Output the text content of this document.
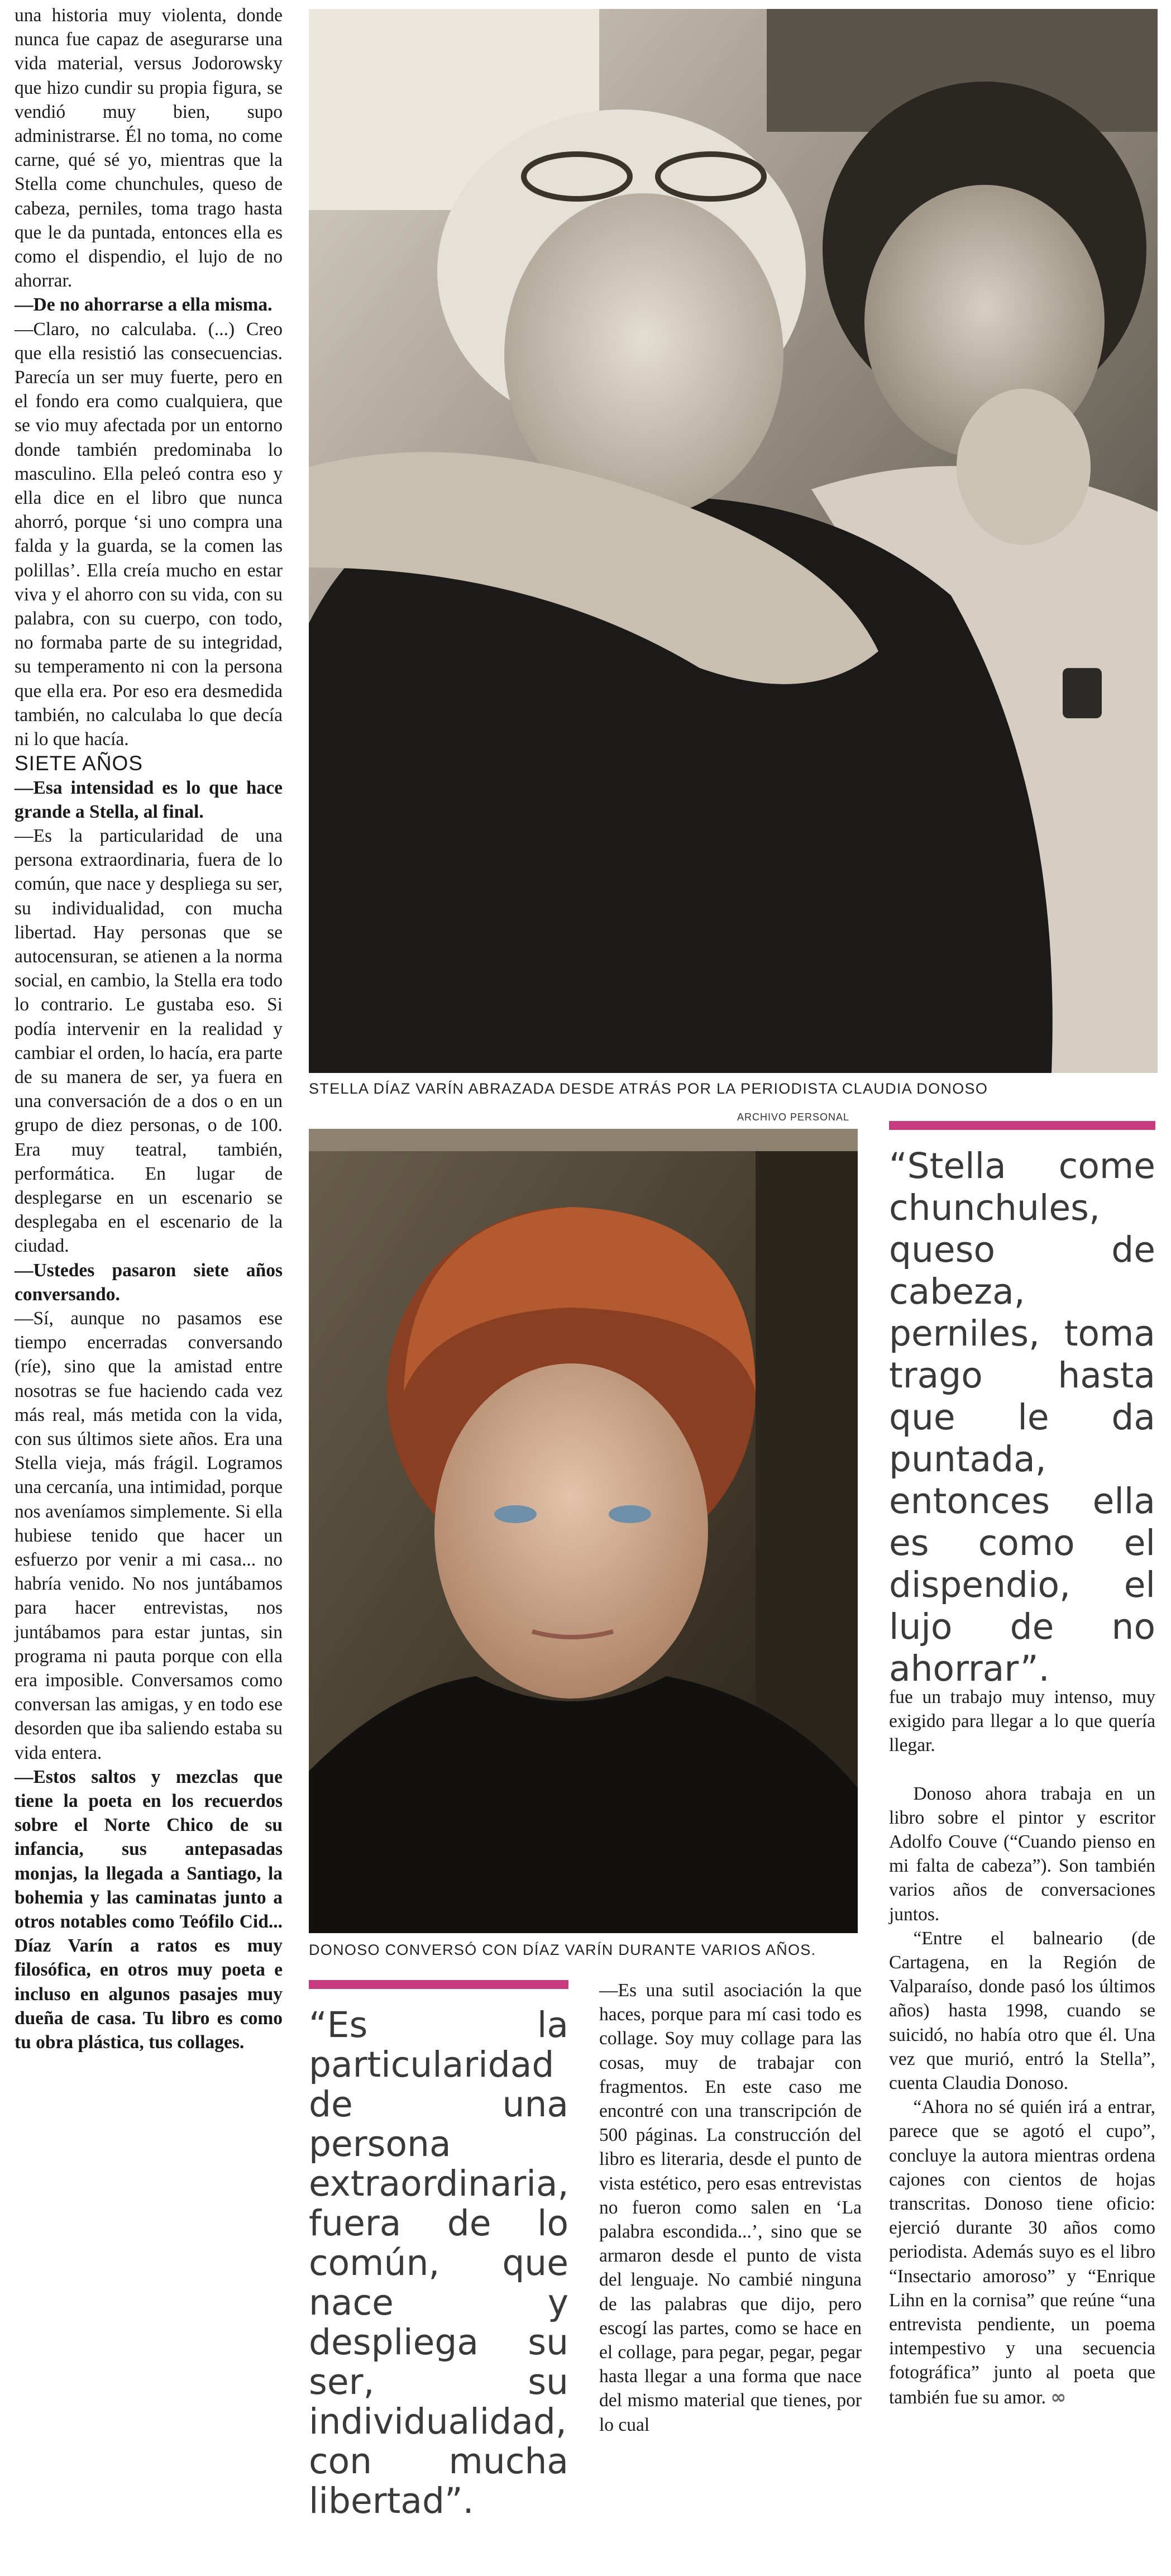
una historia muy violenta, donde nunca fue capaz de asegurarse una vida material, versus Jodorowsky que hizo cundir su propia figura, se vendió muy bien, supo administrarse. Él no toma, no come carne, qué sé yo, mientras que la Stella come chunchules, queso de cabeza, perniles, toma trago hasta que le da puntada, entonces ella es como el dispendio, el lujo de no ahorrar.

—De no ahorrarse a ella misma.

—Claro, no calculaba. (...) Creo que ella resistió las consecuencias. Parecía un ser muy fuerte, pero en el fondo era como cualquiera, que se vio muy afectada por un entorno donde también predominaba lo masculino. Ella peleó contra eso y ella dice en el libro que nunca ahorró, porque ‘si uno compra una falda y la guarda, se la comen las polillas’. Ella creía mucho en estar viva y el ahorro con su vida, con su palabra, con su cuerpo, con todo, no formaba parte de su integridad, su temperamento ni con la persona que ella era. Por eso era desmedida también, no calculaba lo que decía ni lo que hacía.

SIETE AÑOS

—Esa intensidad es lo que hace grande a Stella, al final.

—Es la particularidad de una persona extraordinaria, fuera de lo común, que nace y despliega su ser, su individualidad, con mucha libertad. Hay personas que se autocensuran, se atienen a la norma social, en cambio, la Stella era todo lo contrario. Le gustaba eso. Si podía intervenir en la realidad y cambiar el orden, lo hacía, era parte de su manera de ser, ya fuera en una conversación de a dos o en un grupo de diez personas, o de 100. Era muy teatral, también, performática. En lugar de desplegarse en un escenario se desplegaba en el escenario de la ciudad.

—Ustedes pasaron siete años conversando.

—Sí, aunque no pasamos ese tiempo encerradas conversando (ríe), sino que la amistad entre nosotras se fue haciendo cada vez más real, más metida con la vida, con sus últimos siete años. Era una Stella vieja, más frágil. Logramos una cercanía, una intimidad, porque nos aveníamos simplemente. Si ella hubiese tenido que hacer un esfuerzo por venir a mi casa... no habría venido. No nos juntábamos para hacer entrevistas, nos juntábamos para estar juntas, sin programa ni pauta porque con ella era imposible. Conversamos como conversan las amigas, y en todo ese desorden que iba saliendo estaba su vida entera.

—Estos saltos y mezclas que tiene la poeta en los recuerdos sobre el Norte Chico de su infancia, sus antepasadas monjas, la llegada a Santiago, la bohemia y las caminatas junto a otros notables como Teófilo Cid... Díaz Varín a ratos es muy filosófica, en otros muy poeta e incluso en algunos pasajes muy dueña de casa. Tu libro es como tu obra plástica, tus collages.

STELLA DÍAZ VARÍN ABRAZADA DESDE ATRÁS POR LA PERIODISTA CLAUDIA DONOSO
ARCHIVO PERSONAL

“Stella come chunchules, queso de cabeza, perniles, toma trago hasta que le da puntada, entonces ella es como el dispendio, el lujo de no ahorrar”.

DONOSO CONVERSÓ CON DÍAZ VARÍN DURANTE VARIOS AÑOS.

fue un trabajo muy intenso, muy exigido para llegar a lo que quería llegar.

Donoso ahora trabaja en un libro sobre el pintor y escritor Adolfo Couve (“Cuando pienso en mi falta de cabeza”). Son también varios años de conversaciones juntos.

“Entre el balneario (de Cartagena, en la Región de Valparaíso, donde pasó los últimos años) hasta 1998, cuando se suicidó, no había otro que él. Una vez que murió, entró la Stella”, cuenta Claudia Donoso.

“Ahora no sé quién irá a entrar, parece que se agotó el cupo”, concluye la autora mientras ordena cajones con cientos de hojas transcritas. Donoso tiene oficio: ejerció durante 30 años como periodista. Además suyo es el libro “Insectario amoroso” y “Enrique Lihn en la cornisa” que reúne “una entrevista pendiente, un poema intempestivo y una secuencia fotográfica” junto al poeta que también fue su amor. ∞

“Es la particularidad de una persona extraordinaria, fuera de lo común, que nace y despliega su ser, su individualidad, con mucha libertad”.

—Es una sutil asociación la que haces, porque para mí casi todo es collage. Soy muy collage para las cosas, muy de trabajar con fragmentos. En este caso me encontré con una transcripción de 500 páginas. La construcción del libro es literaria, desde el punto de vista estético, pero esas entrevistas no fueron como salen en ‘La palabra escondida...’, sino que se armaron desde el punto de vista del lenguaje. No cambié ninguna de las palabras que dijo, pero escogí las partes, como se hace en el collage, para pegar, pegar, pegar hasta llegar a una forma que nace del mismo material que tienes, por lo cual
